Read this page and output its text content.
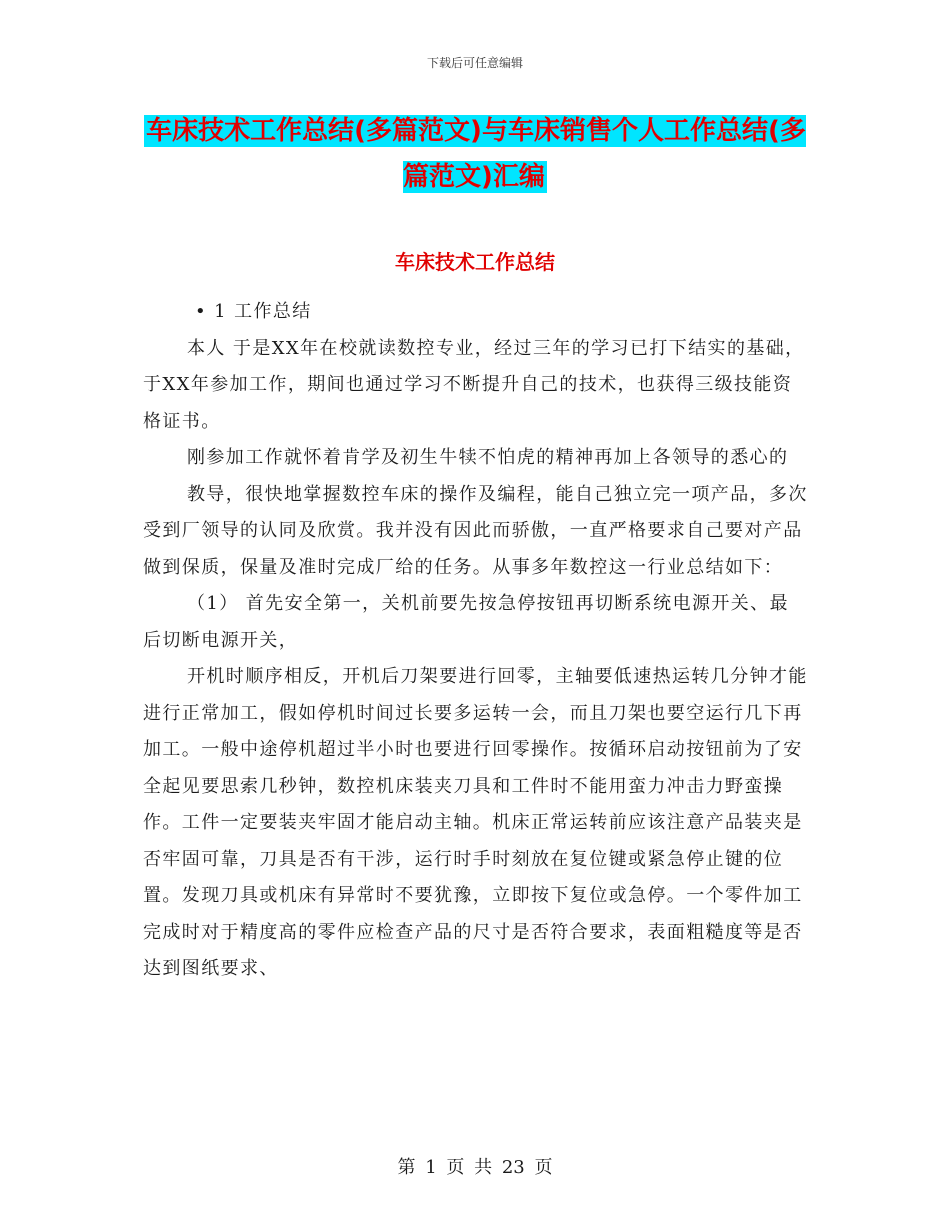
下载后可任意编辑
车床技术工作总结(多篇范文)与车床销售个人工作总结(多篇范文)汇编
车床技术工作总结

• 1 工作总结

本人 于是XX年在校就读数控专业，经过三年的学习已打下结实的基础，于XX年参加工作，期间也通过学习不断提升自己的技术，也获得三级技能资格证书。

刚参加工作就怀着肯学及初生牛犊不怕虎的精神再加上各领导的悉心的

教导，很快地掌握数控车床的操作及编程，能自己独立完一项产品，多次受到厂领导的认同及欣赏。我并没有因此而骄傲，一直严格要求自己要对产品做到保质，保量及准时完成厂给的任务。从事多年数控这一行业总结如下：

（1） 首先安全第一，关机前要先按急停按钮再切断系统电源开关、最后切断电源开关，

开机时顺序相反，开机后刀架要进行回零，主轴要低速热运转几分钟才能进行正常加工，假如停机时间过长要多运转一会，而且刀架也要空运行几下再加工。一般中途停机超过半小时也要进行回零操作。按循环启动按钮前为了安全起见要思索几秒钟，数控机床装夹刀具和工件时不能用蛮力冲击力野蛮操作。工件一定要装夹牢固才能启动主轴。机床正常运转前应该注意产品装夹是否牢固可靠，刀具是否有干涉，运行时手时刻放在复位键或紧急停止键的位置。发现刀具或机床有异常时不要犹豫，立即按下复位或急停。一个零件加工完成时对于精度高的零件应检查产品的尺寸是否符合要求，表面粗糙度等是否达到图纸要求、

第 1 页 共 23 页
